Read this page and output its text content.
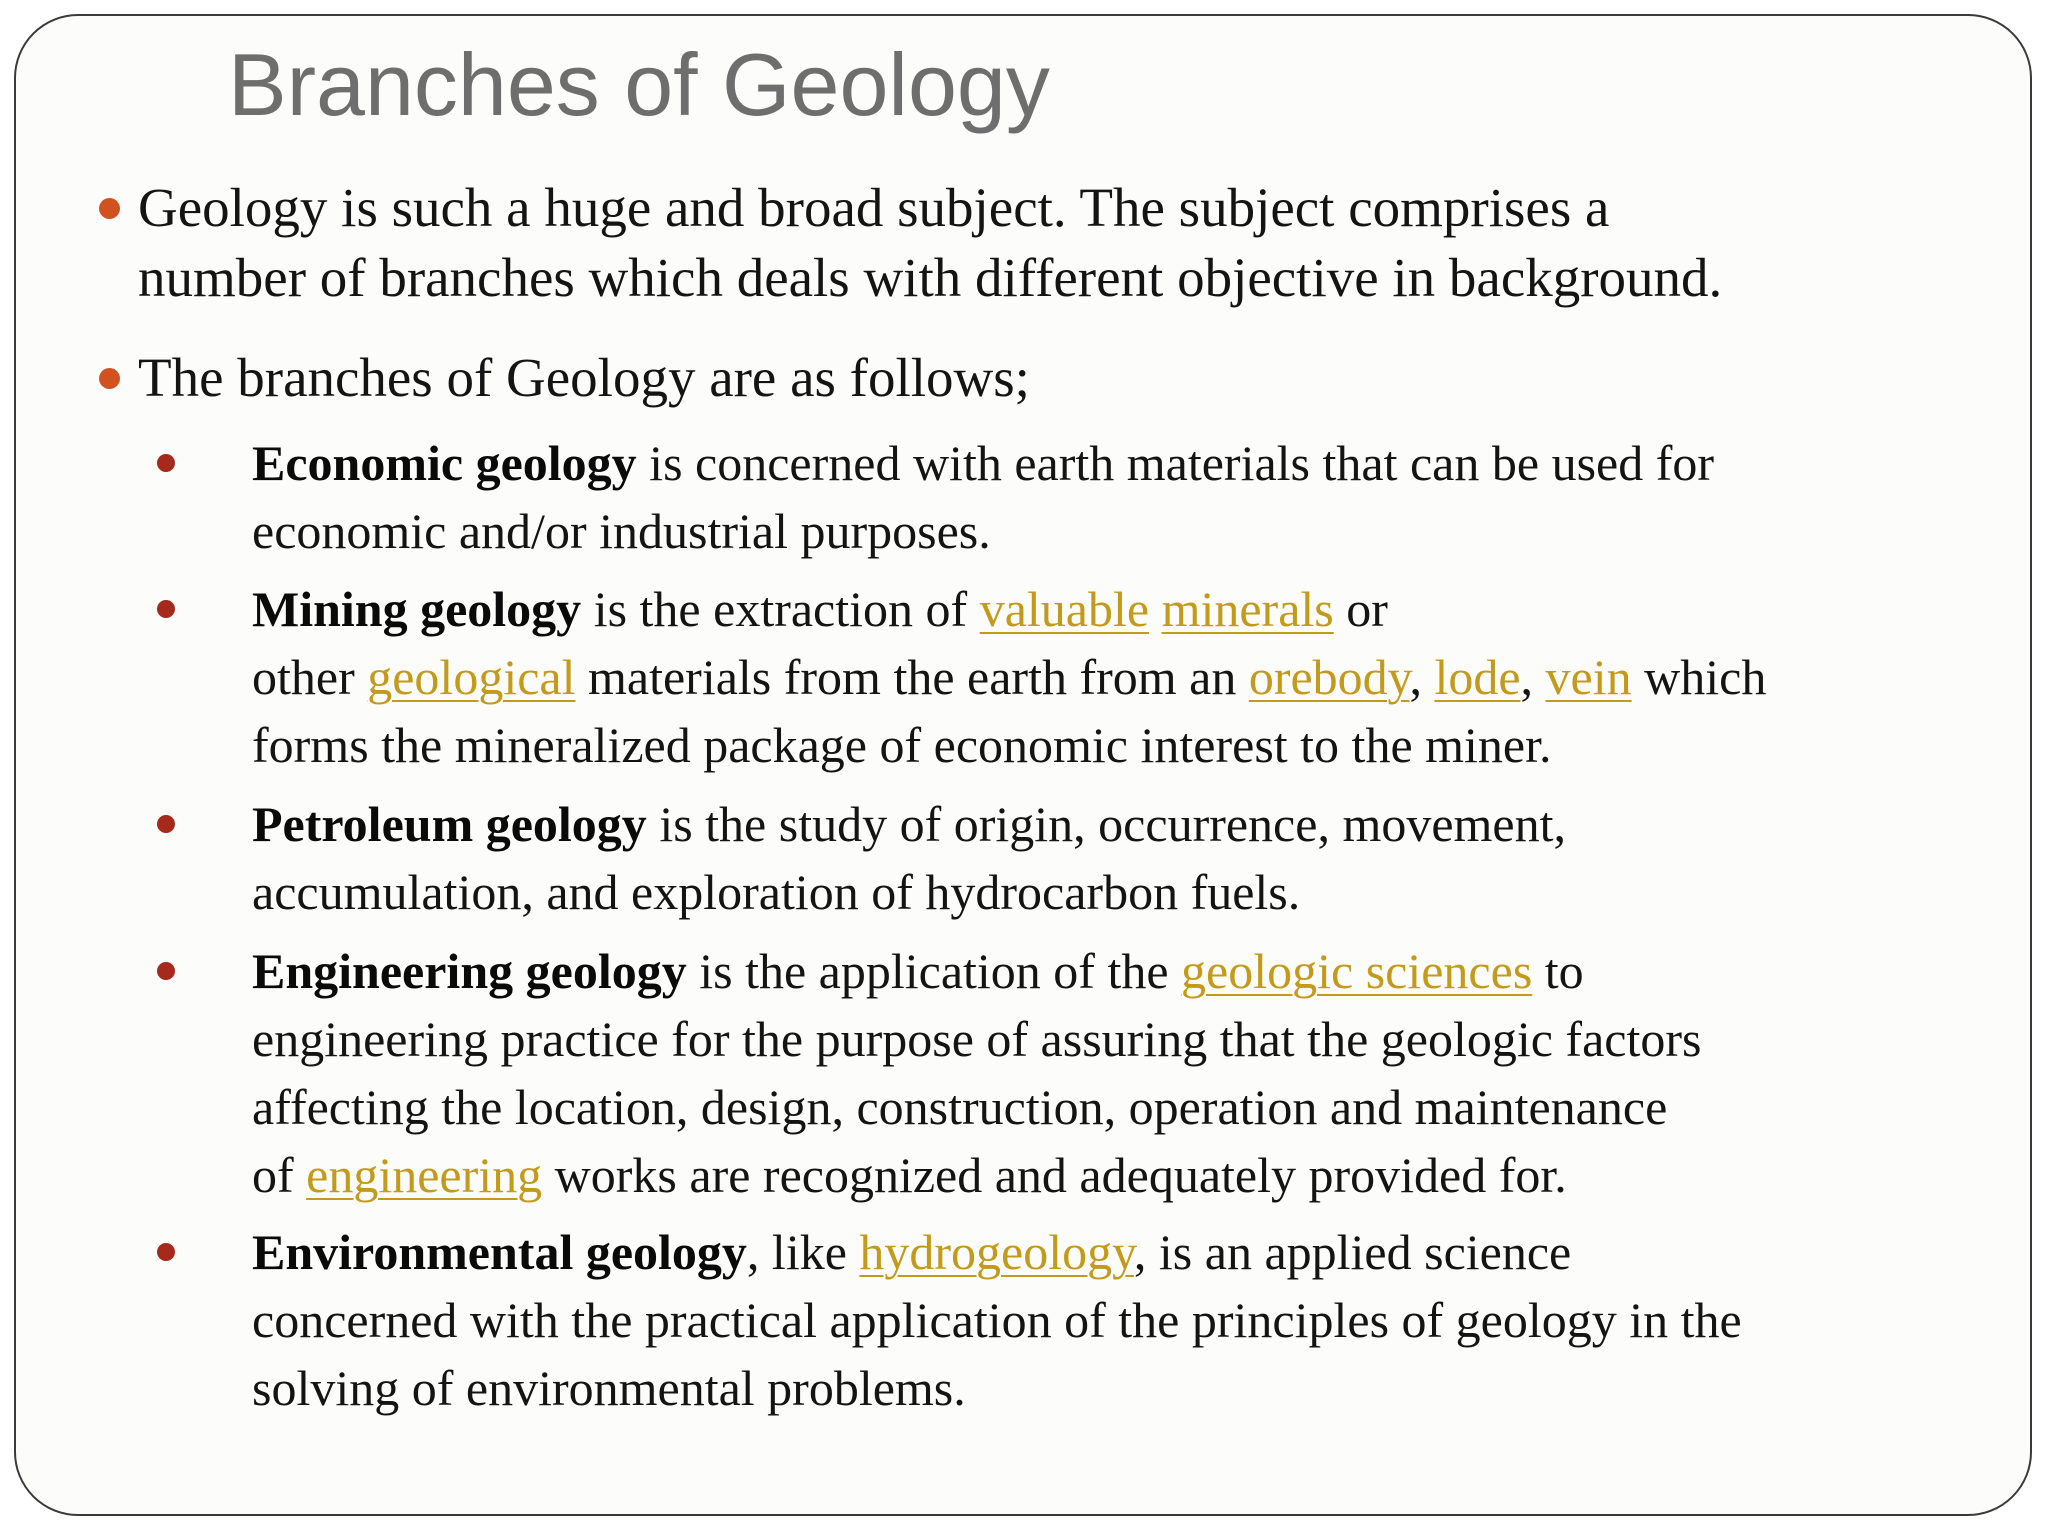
Branches of Geology
Geology is such a huge and broad subject. The subject comprises a
number of branches which deals with different objective in background.
The branches of Geology are as follows;
Economic geology is concerned with earth materials that can be used for
economic and/or industrial purposes.
Mining geology is the extraction of valuable minerals or
other geological materials from the earth from an orebody, lode, vein which
forms the mineralized package of economic interest to the miner.
Petroleum geology is the study of origin, occurrence, movement,
accumulation, and exploration of hydrocarbon fuels.
Engineering geology is the application of the geologic sciences to
engineering practice for the purpose of assuring that the geologic factors
affecting the location, design, construction, operation and maintenance
of engineering works are recognized and adequately provided for.
Environmental geology, like hydrogeology, is an applied science
concerned with the practical application of the principles of geology in the
solving of environmental problems.
